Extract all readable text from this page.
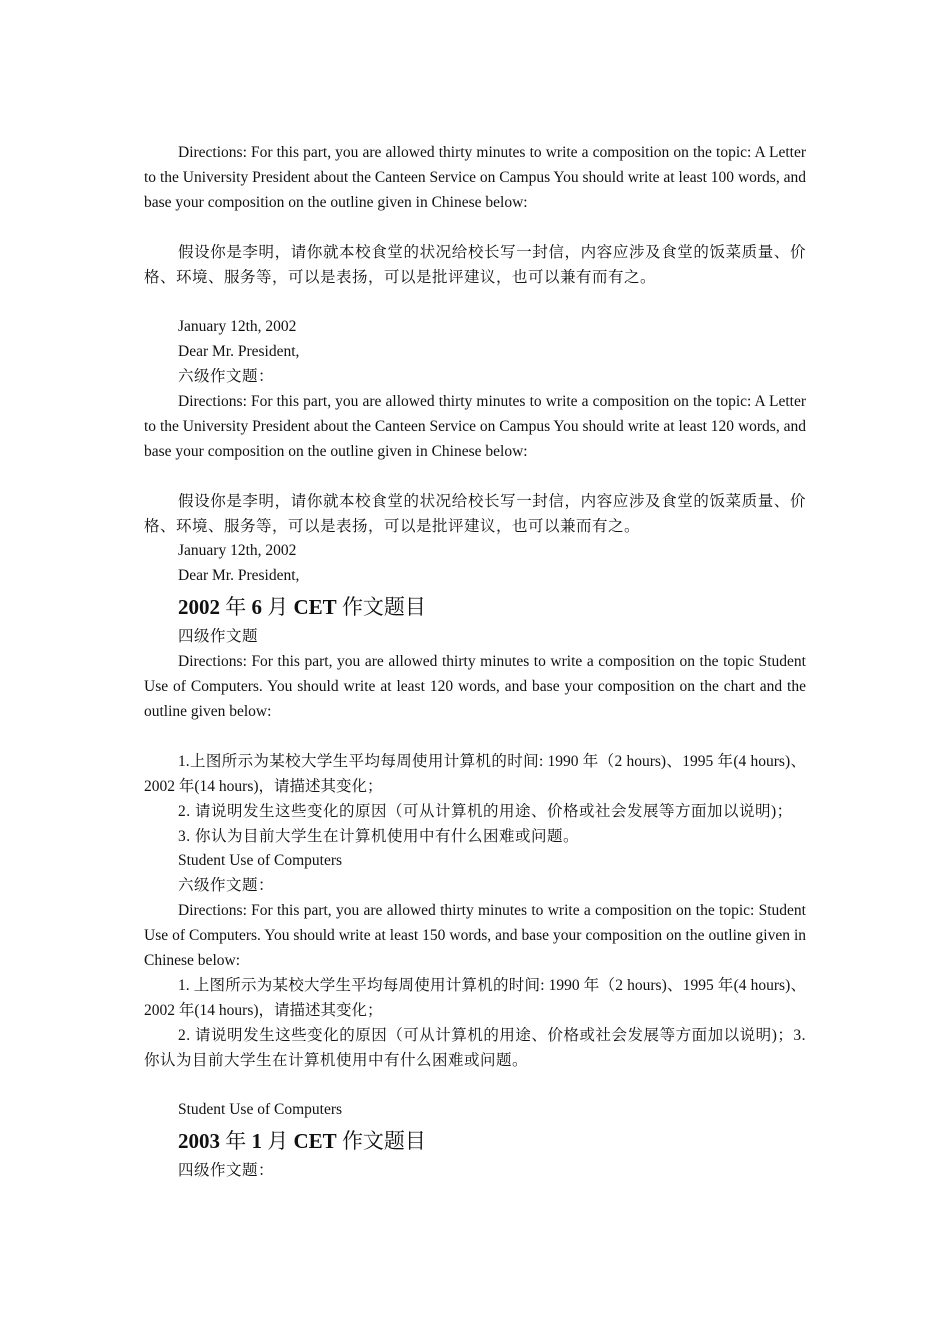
Directions: For this part, you are allowed thirty minutes to write a composition on the topic: A Letter to the University President about the Canteen Service on Campus You should write at least 100 words, and base your composition on the outline given in Chinese below:

假设你是李明，请你就本校食堂的状况给校长写一封信，内容应涉及食堂的饭菜质量、价格、环境、服务等，可以是表扬，可以是批评建议，也可以兼有而有之。

January 12th, 2002

Dear Mr. President,

六级作文题：

Directions: For this part, you are allowed thirty minutes to write a composition on the topic: A Letter to the University President about the Canteen Service on Campus You should write at least 120 words, and base your composition on the outline given in Chinese below:

假设你是李明，请你就本校食堂的状况给校长写一封信，内容应涉及食堂的饭菜质量、价格、环境、服务等，可以是表扬，可以是批评建议，也可以兼而有之。

January 12th, 2002

Dear Mr. President,

2002 年 6 月 CET 作文题目

四级作文题

Directions: For this part, you are allowed thirty minutes to write a composition on the topic Student Use of Computers. You should write at least 120 words, and base your composition on the chart and the outline given below:

1.上图所示为某校大学生平均每周使用计算机的时间: 1990 年（2 hours)、1995 年(4 hours)、2002 年(14 hours)，请描述其变化；

2. 请说明发生这些变化的原因（可从计算机的用途、价格或社会发展等方面加以说明)；

3. 你认为目前大学生在计算机使用中有什么困难或问题。

Student Use of Computers

六级作文题：

Directions: For this part, you are allowed thirty minutes to write a composition on the topic: Student Use of Computers. You should write at least 150 words, and base your composition on the outline given in Chinese below:

1. 上图所示为某校大学生平均每周使用计算机的时间: 1990 年（2 hours)、1995 年(4 hours)、2002 年(14 hours)，请描述其变化；

2. 请说明发生这些变化的原因（可从计算机的用途、价格或社会发展等方面加以说明)；3. 你认为目前大学生在计算机使用中有什么困难或问题。

Student Use of Computers

2003 年 1 月 CET 作文题目

四级作文题：
